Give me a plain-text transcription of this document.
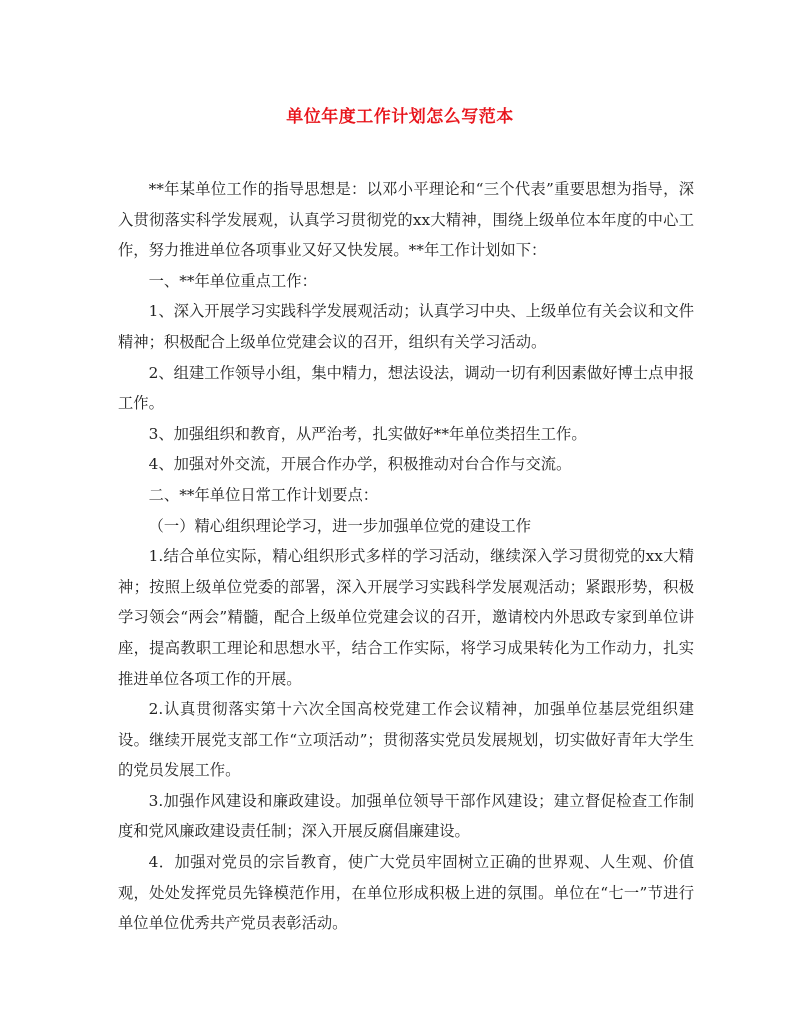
单位年度工作计划怎么写范本

**年某单位工作的指导思想是：以邓小平理论和“三个代表”重要思想为指导，深入贯彻落实科学发展观，认真学习贯彻党的xx大精神，围绕上级单位本年度的中心工作，努力推进单位各项事业又好又快发展。**年工作计划如下：

一、**年单位重点工作：

1、深入开展学习实践科学发展观活动；认真学习中央、上级单位有关会议和文件精神；积极配合上级单位党建会议的召开，组织有关学习活动。

2、组建工作领导小组，集中精力，想法设法，调动一切有利因素做好博士点申报工作。

3、加强组织和教育，从严治考，扎实做好**年单位类招生工作。

4、加强对外交流，开展合作办学，积极推动对台合作与交流。

二、**年单位日常工作计划要点：

（一）精心组织理论学习，进一步加强单位党的建设工作

1.结合单位实际，精心组织形式多样的学习活动，继续深入学习贯彻党的xx大精神；按照上级单位党委的部署，深入开展学习实践科学发展观活动；紧跟形势，积极学习领会“两会”精髓，配合上级单位党建会议的召开，邀请校内外思政专家到单位讲座，提高教职工理论和思想水平，结合工作实际，将学习成果转化为工作动力，扎实推进单位各项工作的开展。

2.认真贯彻落实第十六次全国高校党建工作会议精神，加强单位基层党组织建设。继续开展党支部工作“立项活动”；贯彻落实党员发展规划，切实做好青年大学生的党员发展工作。

3.加强作风建设和廉政建设。加强单位领导干部作风建设；建立督促检查工作制度和党风廉政建设责任制；深入开展反腐倡廉建设。

4．加强对党员的宗旨教育，使广大党员牢固树立正确的世界观、人生观、价值观，处处发挥党员先锋模范作用，在单位形成积极上进的氛围。单位在“七一”节进行单位单位优秀共产党员表彰活动。
